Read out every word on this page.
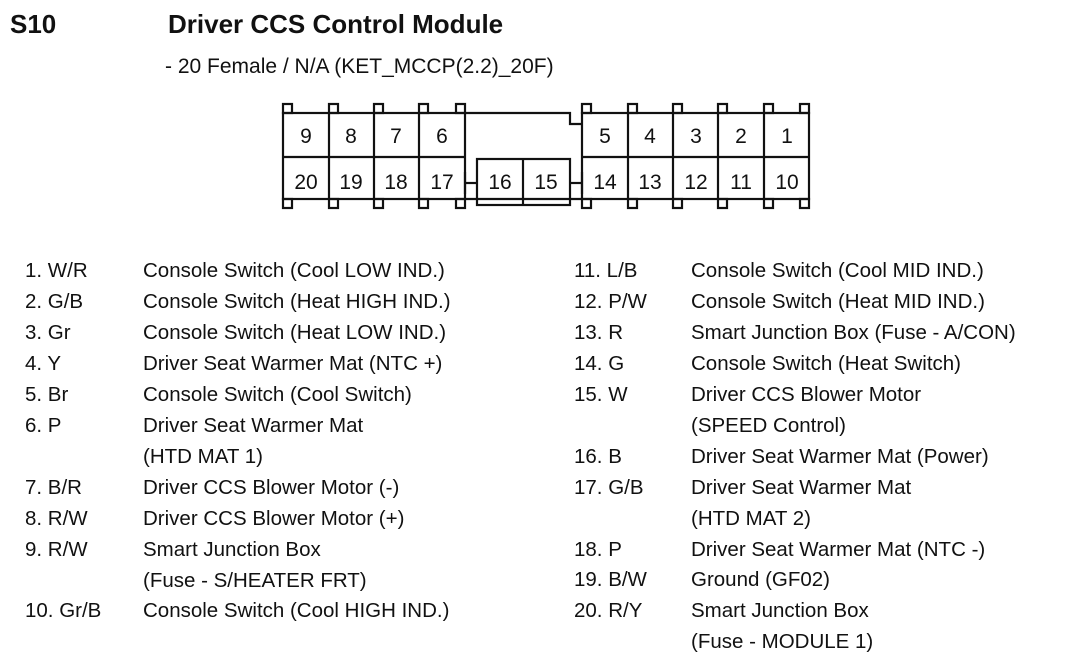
S10	Driver CCS Control Module
- 20 Female / N/A (KET_MCCP(2.2)_20F)
9 8 7 6	5 4 3 2 1
20 19 18 17 16 15 14 13 12 11 10
1. W/R	Console Switch (Cool LOW IND.)
2. G/B	Console Switch (Heat HIGH IND.)
3. Gr	Console Switch (Heat LOW IND.)
4. Y	Driver Seat Warmer Mat (NTC +)
5. Br	Console Switch (Cool Switch)
6. P	Driver Seat Warmer Mat
(HTD MAT 1)
7. B/R	Driver CCS Blower Motor (-)
8. R/W	Driver CCS Blower Motor (+)
9. R/W	Smart Junction Box
(Fuse - S/HEATER FRT)
10. Gr/B Console Switch (Cool HIGH IND.)
11. L/B	Console Switch (Cool MID IND.)
12. P/W Console Switch (Heat MID IND.)
13. R	Smart Junction Box (Fuse - A/CON)
14. G	Console Switch (Heat Switch)
15. W	Driver CCS Blower Motor
(SPEED Control)
16. B	Driver Seat Warmer Mat (Power)
17. G/B Driver Seat Warmer Mat
(HTD MAT 2)
18. P	Driver Seat Warmer Mat (NTC -)
19. B/W Ground (GF02)
20. R/Y Smart Junction Box
(Fuse - MODULE 1)
